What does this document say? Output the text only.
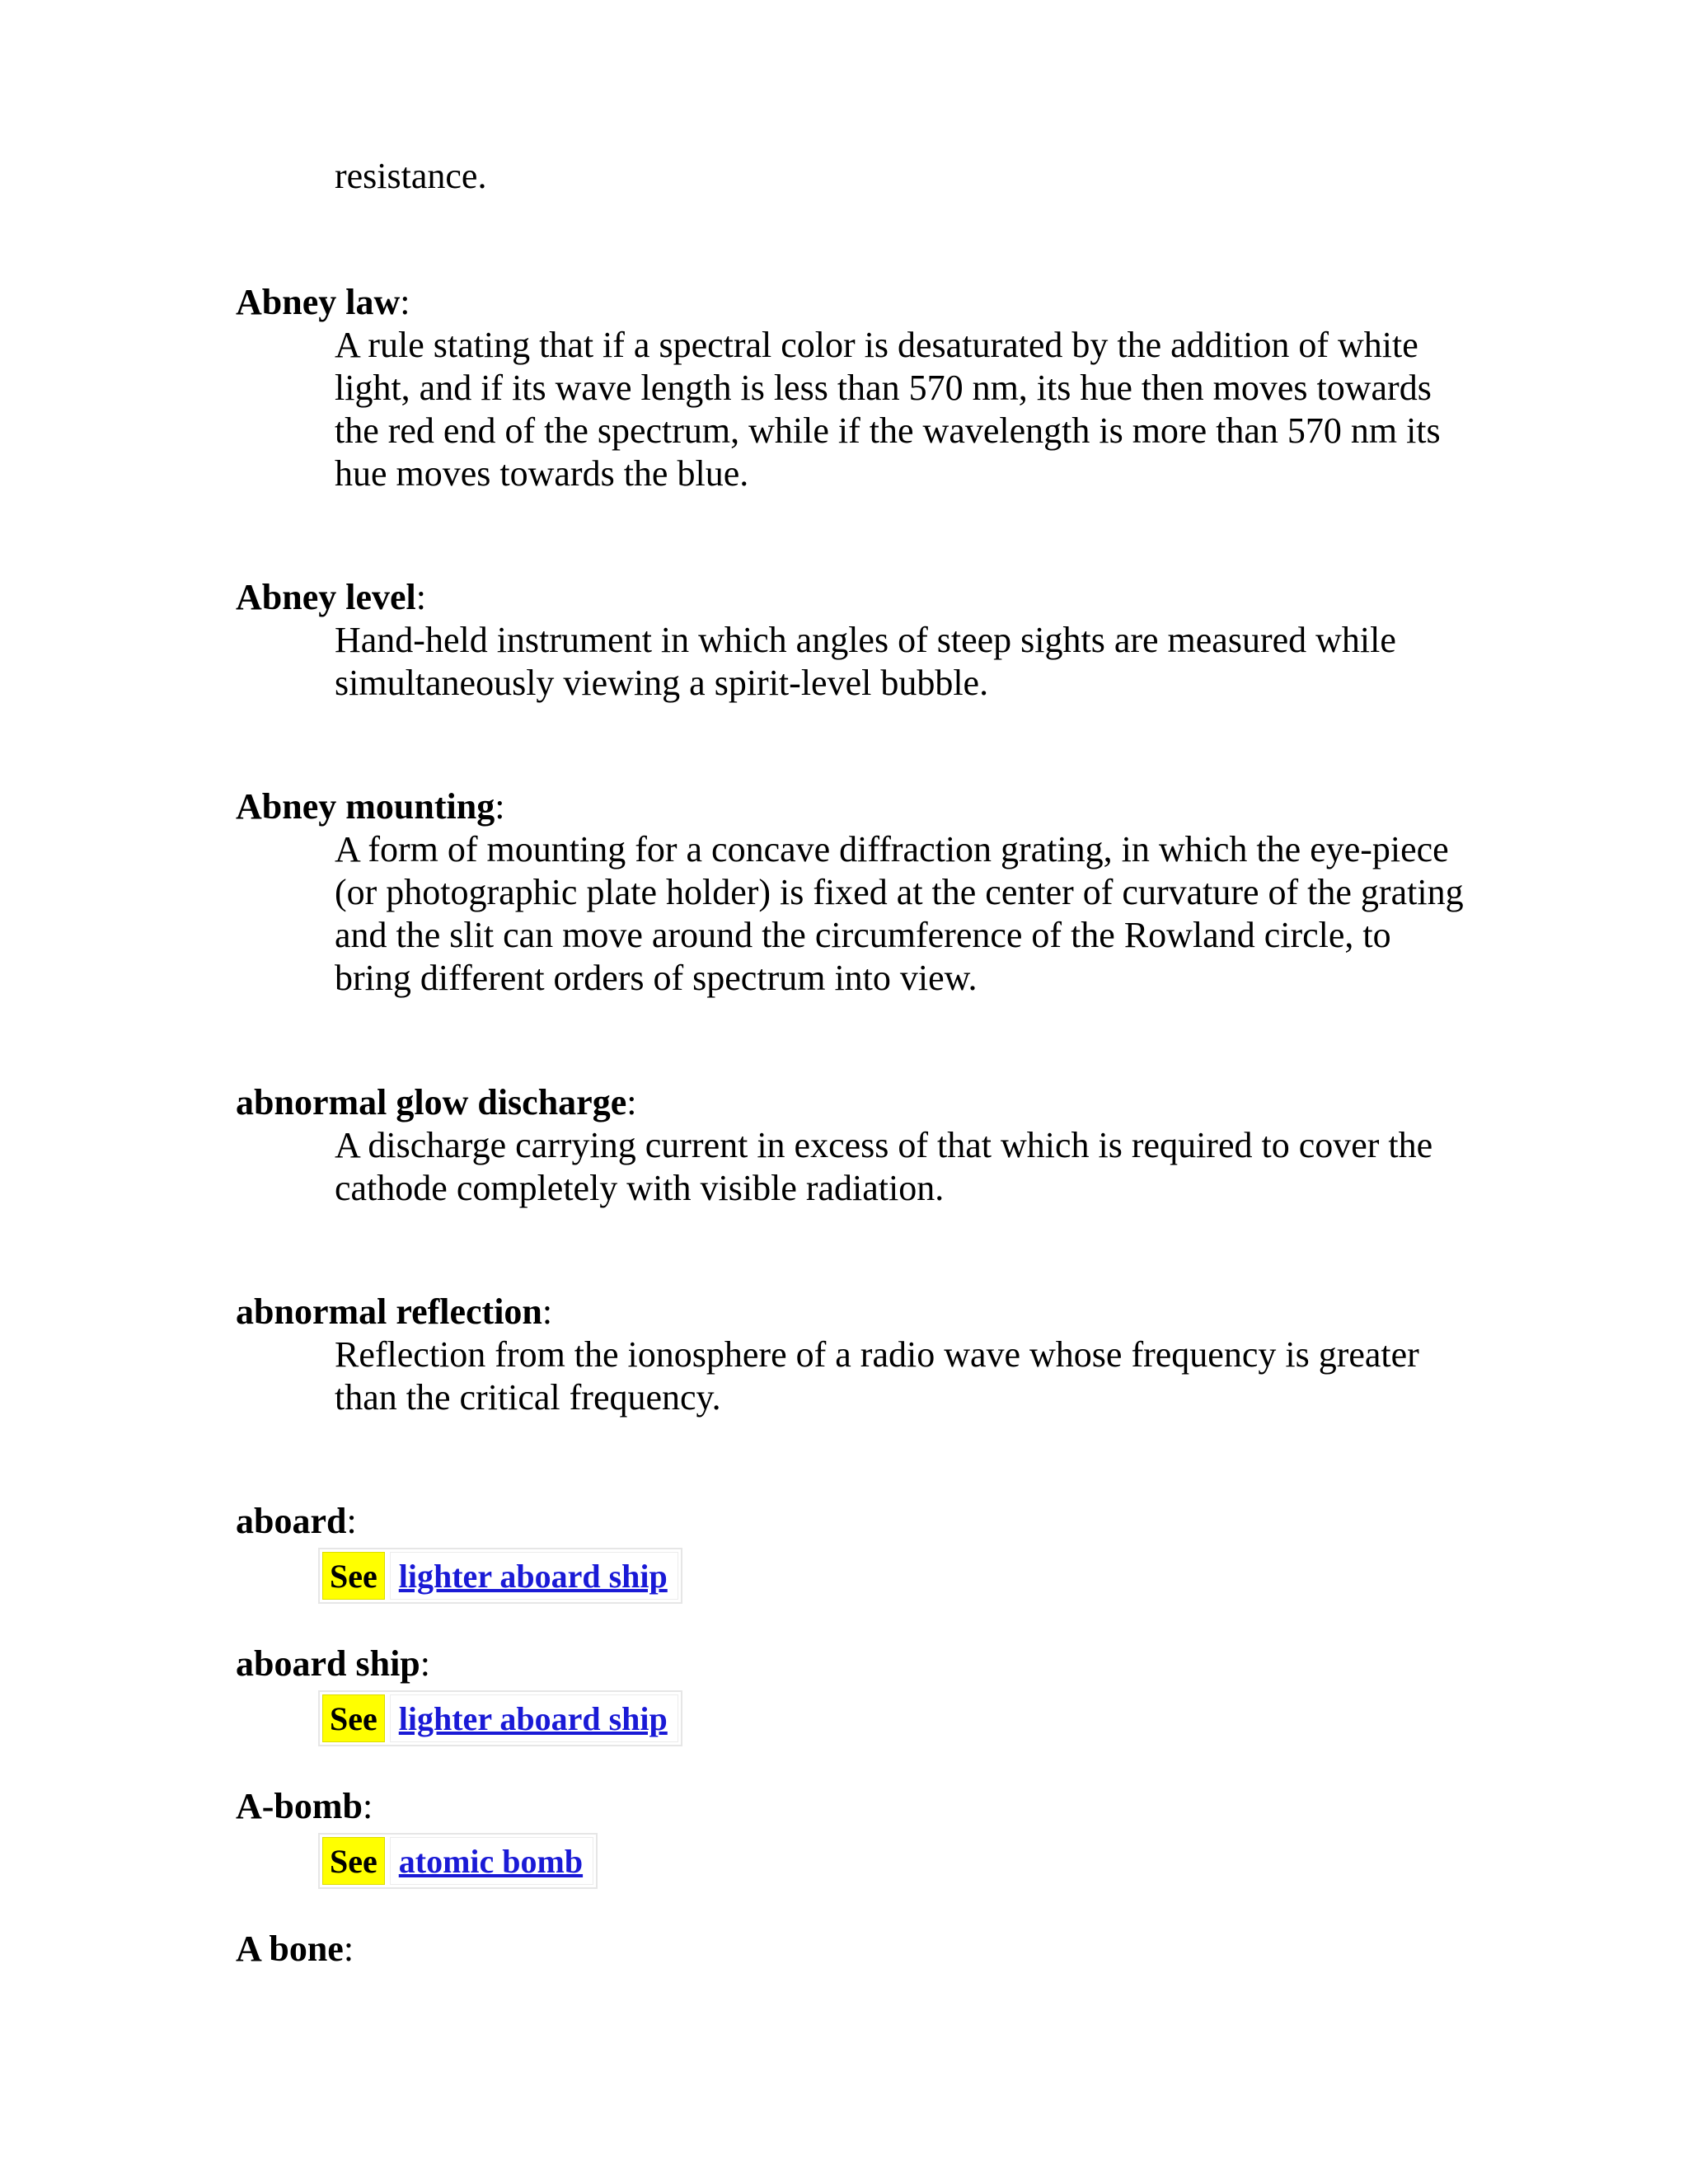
resistance.

Abney law:

A rule stating that if a spectral color is desaturated by the addition of white light, and if its wave length is less than 570 nm, its hue then moves towards the red end of the spectrum, while if the wavelength is more than 570 nm its hue moves towards the blue.

Abney level:

Hand-held instrument in which angles of steep sights are measured while simultaneously viewing a spirit-level bubble.

Abney mounting:

A form of mounting for a concave diffraction grating, in which the eye-piece (or photographic plate holder) is fixed at the center of curvature of the grating and the slit can move around the circumference of the Rowland circle, to bring different orders of spectrum into view.

abnormal glow discharge:

A discharge carrying current in excess of that which is required to cover the cathode completely with visible radiation.

abnormal reflection:

Reflection from the ionosphere of a radio wave whose frequency is greater than the critical frequency.

aboard:

See lighter aboard ship

aboard ship:

See lighter aboard ship

A-bomb:

See atomic bomb

A bone:
